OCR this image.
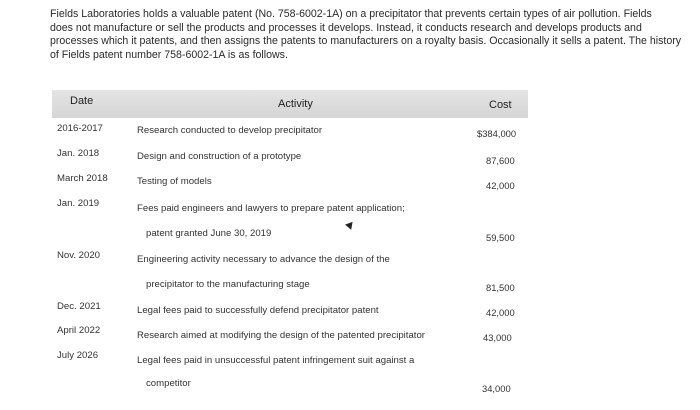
Fields Laboratories holds a valuable patent (No. 758-6002-1A) on a precipitator that prevents certain types of air pollution. Fields
does not manufacture or sell the products and processes it develops. Instead, it conducts research and develops products and
processes which it patents, and then assigns the patents to manufacturers on a royalty basis. Occasionally it sells a patent. The history
of Fields patent number 758-6002-1A is as follows.
Date	Activity	Cost
2016-2017	Research conducted to develop precipitator	$384,000
Jan. 2018	Design and construction of a prototype	87,600
March 2018	Testing of models	42,000
Jan. 2019	Fees paid engineers and lawyers to prepare patent application;
patent granted June 30, 2019	59,500
Nov. 2020	Engineering activity necessary to advance the design of the
precipitator to the manufacturing stage	81,500
Dec. 2021	Legal fees paid to successfully defend precipitator patent	42,000
April 2022	Research aimed at modifying the design of the patented precipitator	43,000
July 2026	Legal fees paid in unsuccessful patent infringement suit against a
competitor	34,000
